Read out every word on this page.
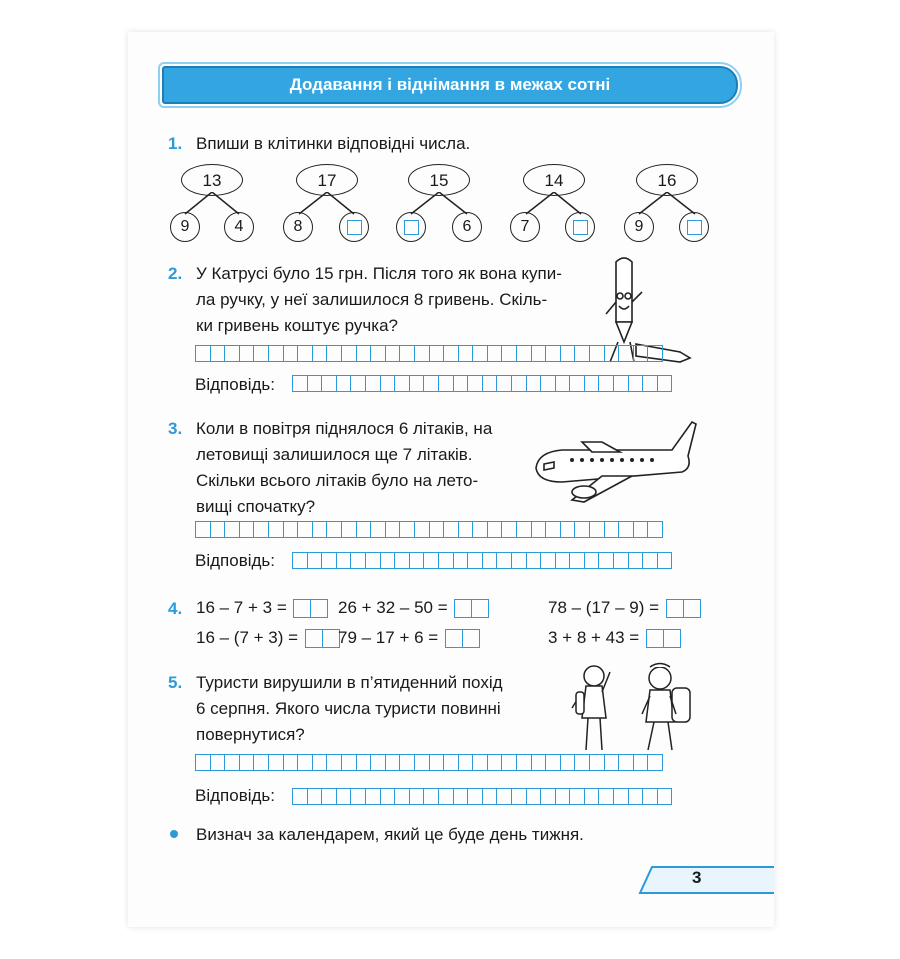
Додавання і віднімання в межах сотні
1. Впиши в клітинки відповідні числа.
13
9	4
17
8
15
6
14
7
16
9
2. У Катрусі було 15 грн. Після того як вона купи-
ла ручку, у неї залишилося 8 гривень. Скіль-
ки гривень коштує ручка?
Відповідь:
3. Коли в повітря піднялося 6 літаків, на
летовищі залишилося ще 7 літаків.
Скільки всього літаків було на лето-
вищі спочатку?
Відповідь:
4. 16 – 7 + 3 =	26 + 32 – 50 =	78 – (17 – 9) =
16 – (7 + 3) =	79 – 17 + 6 =	3 + 8 + 43 =
5. Туристи вирушили в п’ятиденний похід
6 серпня. Якого числа туристи повинні
повернутися?
Відповідь:
Визнач за календарем, який це буде день тижня.
3
